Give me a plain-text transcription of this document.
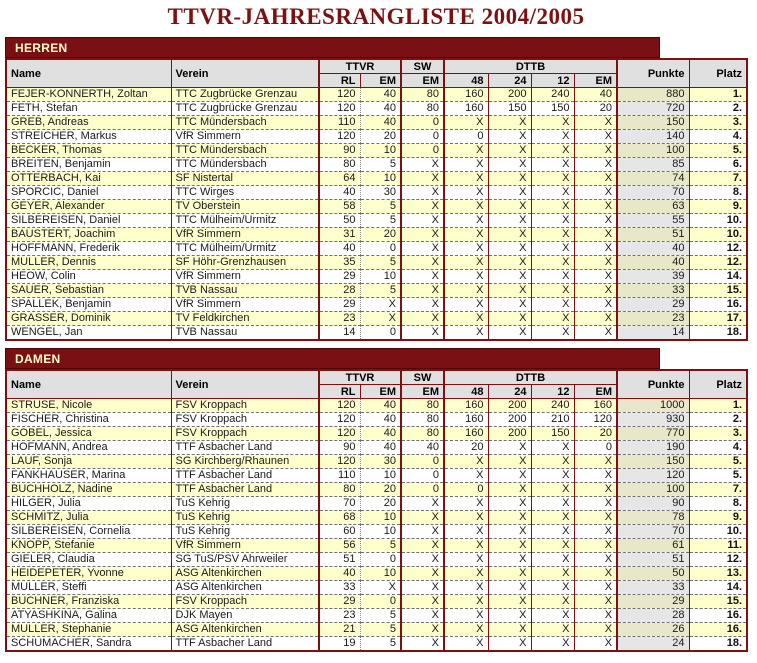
TTVR-JAHRESRANGLISTE 2004/2005
HERREN
Name	Verein	TTVR		SW	DTTB				Punkte	Platz
		RL	EM	EM	48	24	12	EM		
FEJER-KONNERTH, Zoltan	TTC Zugbrücke Grenzau	120	40	80	160	200	240	40	880	1.
FETH, Stefan	TTC Zugbrücke Grenzau	120	40	80	160	150	150	20	720	2.
GREB, Andreas	TTC Mündersbach	110	40	0	X	X	X	X	150	3.
STREICHER, Markus	VfR Simmern	120	20	0	0	X	X	X	140	4.
BECKER, Thomas	TTC Mündersbach	90	10	0	X	X	X	X	100	5.
BREITEN, Benjamin	TTC Mündersbach	80	5	X	X	X	X	X	85	6.
OTTERBACH, Kai	SF Nistertal	64	10	X	X	X	X	X	74	7.
SPORCIC, Daniel	TTC Wirges	40	30	X	X	X	X	X	70	8.
GEYER, Alexander	TV Oberstein	58	5	X	X	X	X	X	63	9.
SILBEREISEN, Daniel	TTC Mülheim/Urmitz	50	5	X	X	X	X	X	55	10.
BAUSTERT, Joachim	VfR Simmern	31	20	X	X	X	X	X	51	10.
HOFFMANN, Frederik	TTC Mülheim/Urmitz	40	0	X	X	X	X	X	40	12.
MULLER, Dennis	SF Höhr-Grenzhausen	35	5	X	X	X	X	X	40	12.
HEOW, Colin	VfR Simmern	29	10	X	X	X	X	X	39	14.
SAUER, Sebastian	TVB Nassau	28	5	X	X	X	X	X	33	15.
SPALLEK, Benjamin	VfR Simmern	29	X	X	X	X	X	X	29	16.
GRASSER, Dominik	TV Feldkirchen	23	X	X	X	X	X	X	23	17.
WENGEL, Jan	TVB Nassau	14	0	X	X	X	X	X	14	18.
DAMEN
Name	Verein	TTVR		SW	DTTB				Punkte	Platz
		RL	EM	EM	48	24	12	EM		
STRUSE, Nicole	FSV Kroppach	120	40	80	160	200	240	160	1000	1.
FISCHER, Christina	FSV Kroppach	120	40	80	160	200	210	120	930	2.
GOBEL, Jessica	FSV Kroppach	120	40	80	160	200	150	20	770	3.
HOFMANN, Andrea	TTF Asbacher Land	90	40	40	20	X	X	0	190	4.
LAUF, Sonja	SG Kirchberg/Rhaunen	120	30	0	X	X	X	X	150	5.
FANKHAUSER, Marina	TTF Asbacher Land	110	10	0	X	X	X	X	120	5.
BUCHHOLZ, Nadine	TTF Asbacher Land	80	20	0	0	X	X	X	100	7.
HILGER, Julia	TuS Kehrig	70	20	X	X	X	X	X	90	8.
SCHMITZ, Julia	TuS Kehrig	68	10	X	X	X	X	X	78	9.
SILBEREISEN, Cornelia	TuS Kehrig	60	10	X	X	X	X	X	70	10.
KNOPP, Stefanie	VfR Simmern	56	5	X	X	X	X	X	61	11.
GIELER, Claudia	SG TuS/PSV Ahrweiler	51	0	X	X	X	X	X	51	12.
HEIDEPETER, Yvonne	ASG Altenkirchen	40	10	X	X	X	X	X	50	13.
MULLER, Steffi	ASG Altenkirchen	33	X	X	X	X	X	X	33	14.
BUCHNER, Franziska	FSV Kroppach	29	0	X	X	X	X	X	29	15.
ATYASHKINA, Galina	DJK Mayen	23	5	X	X	X	X	X	28	16.
MULLER, Stephanie	ASG Altenkirchen	21	5	X	X	X	X	X	26	16.
SCHUMACHER, Sandra	TTF Asbacher Land	19	5	X	X	X	X	X	24	18.
